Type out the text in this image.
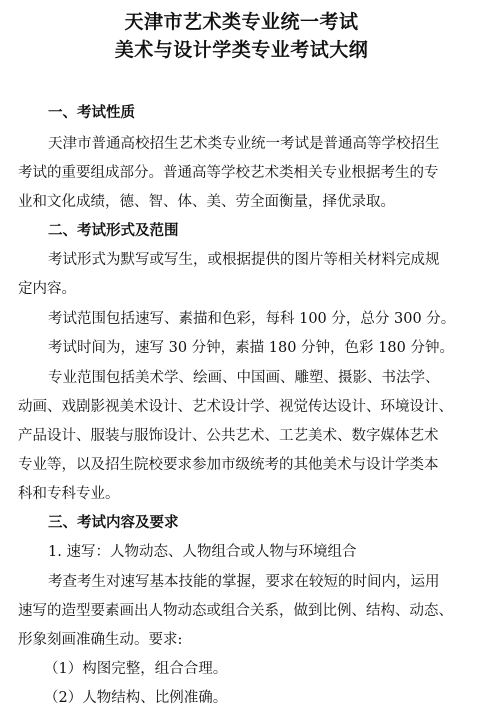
天津市艺术类专业统一考试
美术与设计学类专业考试大纲
一、考试性质
天津市普通高校招生艺术类专业统一考试是普通高等学校招生
考试的重要组成部分。普通高等学校艺术类相关专业根据考生的专
业和文化成绩，德、智、体、美、劳全面衡量，择优录取。
二、考试形式及范围
考试形式为默写或写生，或根据提供的图片等相关材料完成规
定内容。
考试范围包括速写、素描和色彩，每科 100 分，总分 300 分。
考试时间为，速写 30 分钟，素描 180 分钟，色彩 180 分钟。
专业范围包括美术学、绘画、中国画、雕塑、摄影、书法学、
动画、戏剧影视美术设计、艺术设计学、视觉传达设计、环境设计、
产品设计、服装与服饰设计、公共艺术、工艺美术、数字媒体艺术
专业等，以及招生院校要求参加市级统考的其他美术与设计学类本
科和专科专业。
三、考试内容及要求
1. 速写：人物动态、人物组合或人物与环境组合
考查考生对速写基本技能的掌握，要求在较短的时间内，运用
速写的造型要素画出人物动态或组合关系，做到比例、结构、动态、
形象刻画准确生动。要求:
（1）构图完整，组合合理。
（2）人物结构、比例准确。
